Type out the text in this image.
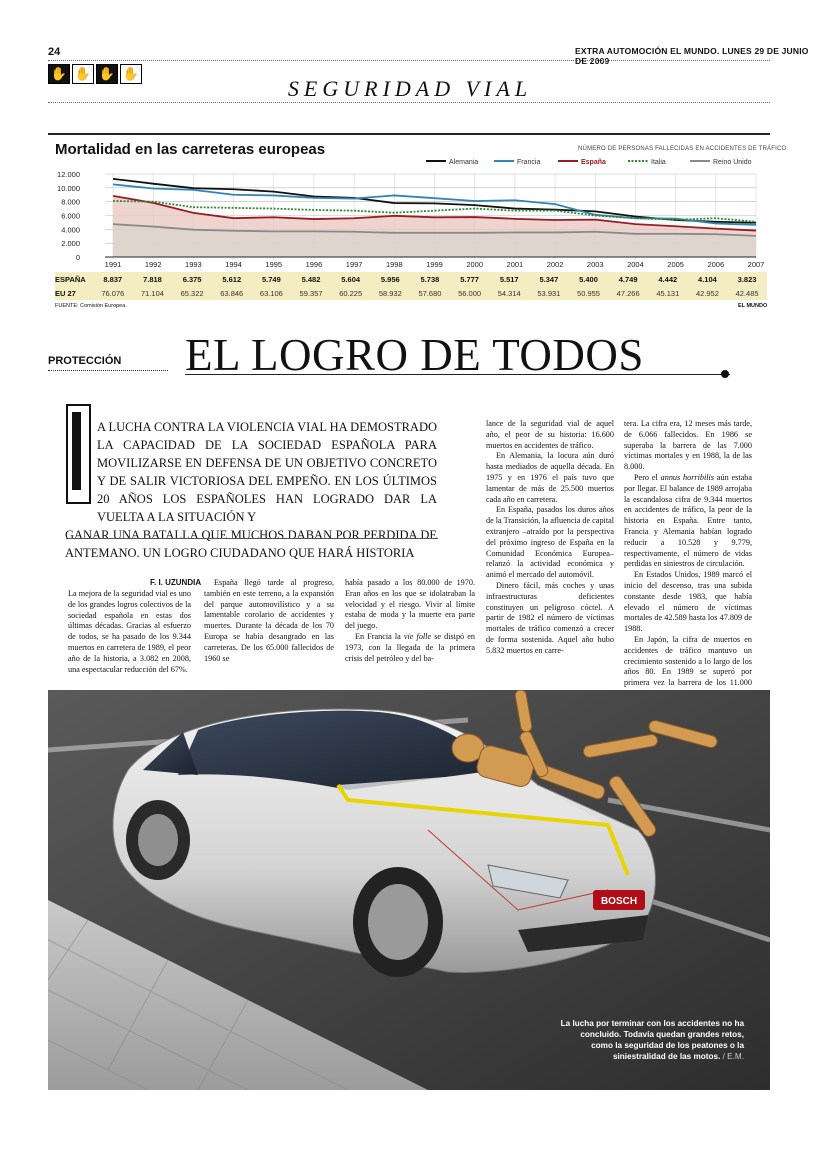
24	EXTRA AUTOMOCIÓN EL MUNDO. LUNES 29 DE JUNIO DE 2009
✋ ✋ ✋ ✋
SEGURIDAD VIAL
Mortalidad en las carreteras europeas	NÚMERO DE PERSONAS FALLECIDAS EN ACCIDENTES DE TRÁFICO
Alemania	Francia	España	Italia	Reino Unido
12.000
10.000
8.000
6.000
4.000
2.000
0
1991	1992	1993	1994	1995	1996	1997	1998	1999	2000	2001	2002	2003	2004	2005	2006	2007
ESPAÑA	8.837	7.818	6.375	5.612	5.749	5.482	5.604	5.956	5.738	5.777	5.517	5.347	5.400	4.749	4.442	4.104	3.823
EU 27	76.076	71.104	65.322	63.846	63.106	59.357	60.225	58.932	57.680	56.000	54.314	53.931	50.955	47.266	45.131	42.952	42.485
FUENTE: Comisión Europea.	EL MUNDO
PROTECCIÓN EL LOGRO DE TODOS
A LUCHA CONTRA LA VIOLENCIA VIAL HA DEMOSTRADO LA CAPACIDAD DE LA SOCIEDAD ESPAÑOLA PARA MOVILIZARSE EN DEFENSA DE UN OBJETIVO CONCRETO Y DE SALIR VICTORIOSA DEL EMPEÑO. EN LOS ÚLTIMOS 20 AÑOS LOS ESPAÑOLES HAN LOGRADO DAR LA VUELTA A LA SITUACIÓN Y
GANAR UNA BATALLA QUE MUCHOS DABAN POR PERDIDA DE ANTEMANO. UN LOGRO CIUDADANO QUE HARÁ HISTORIA
F. I. UZUNDIA

La mejora de la seguridad vial es uno de los grandes logros colectivos de la sociedad española en estas dos últimas décadas. Gracias al esfuerzo de todos, se ha pasado de los 9.344 muertos en carretera de 1989, el peor año de la historia, a 3.082 en 2008, una espectacular reducción del 67%.

España llegó tarde al progreso, también en este terreno, a la expansión del parque automovilístico y a su lamentable corolario de accidentes y muertes. Durante la década de los 70 Europa se había desangrado en las carreteras. De los 65.000 fallecidos de 1960 se

había pasado a los 80.000 de 1970. Eran años en los que se idolatraban la velocidad y el riesgo. Vivir al límite estaba de moda y la muerte era parte del juego.

En Francia la vie folle se disipó en 1973, con la llegada de la primera crisis del petróleo y del ba-

lance de la seguridad vial de aquel año, el peor de su historia: 16.600 muertos en accidentes de tráfico.

En Alemania, la locura aún duró hasta mediados de aquella década. En 1975 y en 1976 el país tuvo que lamentar de más de 25.500 muertos cada año en carretera.

En España, pasados los duros años de la Transición, la afluencia de capital extranjero –atraído por la perspectiva del próximo ingreso de España en la Comunidad Económica Europea– relanzó la actividad económica y animó el mercado del automóvil.

Dinero fácil, más coches y unas infraestructuras deficientes constituyen un peligroso cóctel. A partir de 1982 el número de víctimas mortales de tráfico comenzó a crecer de forma sostenida. Aquel año hubo 5.832 muertos en carre-

tera. La cifra era, 12 meses más tarde, de 6.066 fallecidos. En 1986 se superaba la barrera de las 7.000 víctimas mortales y en 1988, la de las 8.000.

Pero el annus horribilis aún estaba por llegar. El balance de 1989 arrojaba la escandalosa cifra de 9.344 muertos en accidentes de tráfico, la peor de la historia en España. Entre tanto, Francia y Alemania habían logrado reducir a 10.528 y 9.779, respectivamente, el número de vidas perdidas en siniestros de circulación.

En Estados Unidos, 1989 marcó el inicio del descenso, tras una subida constante desde 1983, que había elevado el número de víctimas mortales de 42.589 hasta los 47.809 de 1988.

En Japón, la cifra de muertos en accidentes de tráfico mantuvo un crecimiento sostenido a lo largo de los años 80. En 1989 se superó por primera vez la barrera de los 11.000

BOSCH
La lucha por terminar con los accidentes no ha concluido. Todavía quedan grandes retos, como la seguridad de los peatones o la siniestralidad de las motos. / E.M.
